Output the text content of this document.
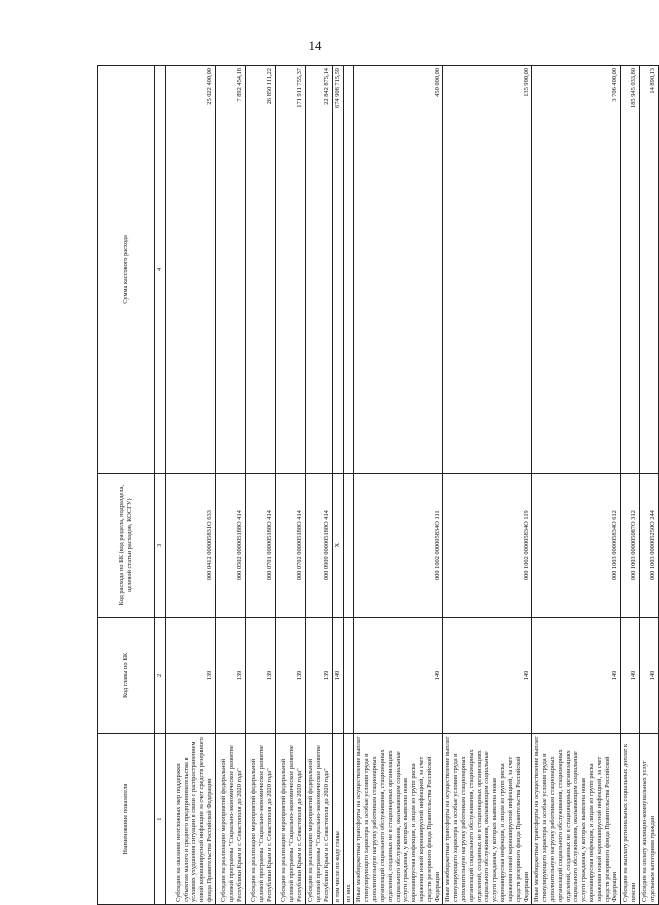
14
Наименование показателя	Код главы по БК	Код расхода по БК (код раздела, подраздела, целевой статьи расходов, КОСГУ)	Сумма кассового расхода
1	2	3	4
Субсидии на оказание неотложных мер поддержки субъектам малого и среднего предпринимательства в условиях ухудшения ситуации в связи с распространением новой коронавирусной инфекции за счет средств резервного фонда Правительства Российской Федерации	139	000 0412 000005831О 633	25 022 400,00
Субсидии на реализацию мероприятий федеральной целевой программы "Социально-экономическое развитие Республики Крым и г. Севастополя до 2020 года"	139	000 0502 000005188О 414	7 892 454,18
Субсидии на реализацию мероприятий федеральной целевой программы "Социально-экономическое развитие Республики Крым и г. Севастополя до 2020 года"	139	000 0701 000005188О 414	26 850 111,22
Субсидии на реализацию мероприятий федеральной целевой программы "Социально-экономическое развитие Республики Крым и г. Севастополя до 2020 года"	139	000 0702 000005188О 414	171 911 755,37
Субсидии на реализацию мероприятий федеральной целевой программы "Социально-экономическое развитие Республики Крым и г. Севастополя до 2020 года"	139	000 0909 000005188О 414	22 842 875,14
в том числе по коду главы	149	X	674 908 715,59
из них			
Иные межбюджетные трансферты на осуществление выплат стимулирующего характера за особые условия труда и дополнительную нагрузку работникам стационарных организаций социального обслуживания, стационарных отделений, созданных не в стационарных организациях социального обслуживания, оказывающим социальные услуги гражданам, у которых выявлена новая коронавирусная инфекция, и лицам из групп риска заражения новой коронавирусной инфекцией, за счет средств резервного фонда Правительства Российской Федерации	149	000 1002 000005834О 111	450 000,00
Иные межбюджетные трансферты на осуществление выплат стимулирующего характера за особые условия труда и дополнительную нагрузку работникам стационарных организаций социального обслуживания, стационарных отделений, созданных не в стационарных организациях социального обслуживания, оказывающим социальные услуги гражданам, у которых выявлена новая коронавирусная инфекция, и лицам из групп риска заражения новой коронавирусной инфекцией, за счет средств резервного фонда Правительства Российской Федерации	149	000 1002 000005834О 119	135 900,00
Иные межбюджетные трансферты на осуществление выплат стимулирующего характера за особые условия труда и дополнительную нагрузку работникам стационарных организаций социального обслуживания, стационарных отделений, созданных не в стационарных организациях социального обслуживания, оказывающим социальные услуги гражданам, у которых выявлена новая коронавирусная инфекция, и лицам из групп риска заражения новой коронавирусной инфекцией, за счет средств резервного фонда Правительства Российской Федерации	149	000 1003 000005834О 612	3 706 400,00
Субсидии на выплату региональных социальных доплат к пенсии	149	000 1003 000005087О 312	185 945 033,80
Субсидии на оплату жилищно-коммунальных услуг отдельным категориям граждан	149	000 1003 000005250О 244	14 890,13
